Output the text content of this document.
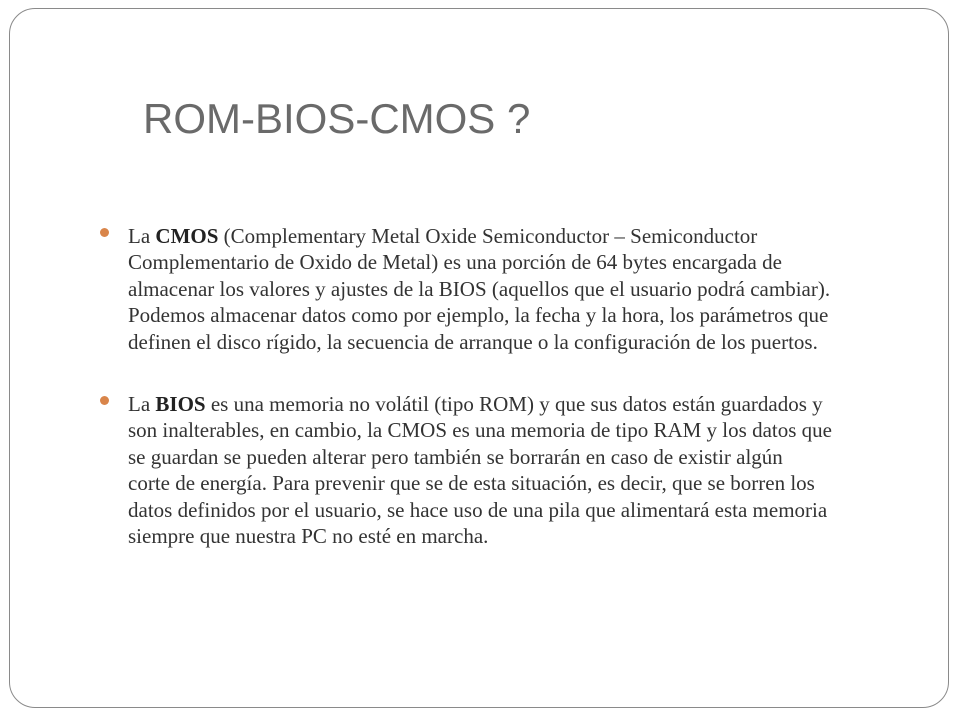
ROM-BIOS-CMOS ?
La CMOS (Complementary Metal Oxide Semiconductor – Semiconductor
Complementario de Oxido de Metal) es una porción de 64 bytes encargada de
almacenar los valores y ajustes de la BIOS (aquellos que el usuario podrá cambiar).
Podemos almacenar datos como por ejemplo, la fecha y la hora, los parámetros que
definen el disco rígido, la secuencia de arranque o la configuración de los puertos.
La BIOS es una memoria no volátil (tipo ROM) y que sus datos están guardados y
son inalterables, en cambio, la CMOS es una memoria de tipo RAM y los datos que
se guardan se pueden alterar pero también se borrarán en caso de existir algún
corte de energía. Para prevenir que se de esta situación, es decir, que se borren los
datos definidos por el usuario, se hace uso de una pila que alimentará esta memoria
siempre que nuestra PC no esté en marcha.
